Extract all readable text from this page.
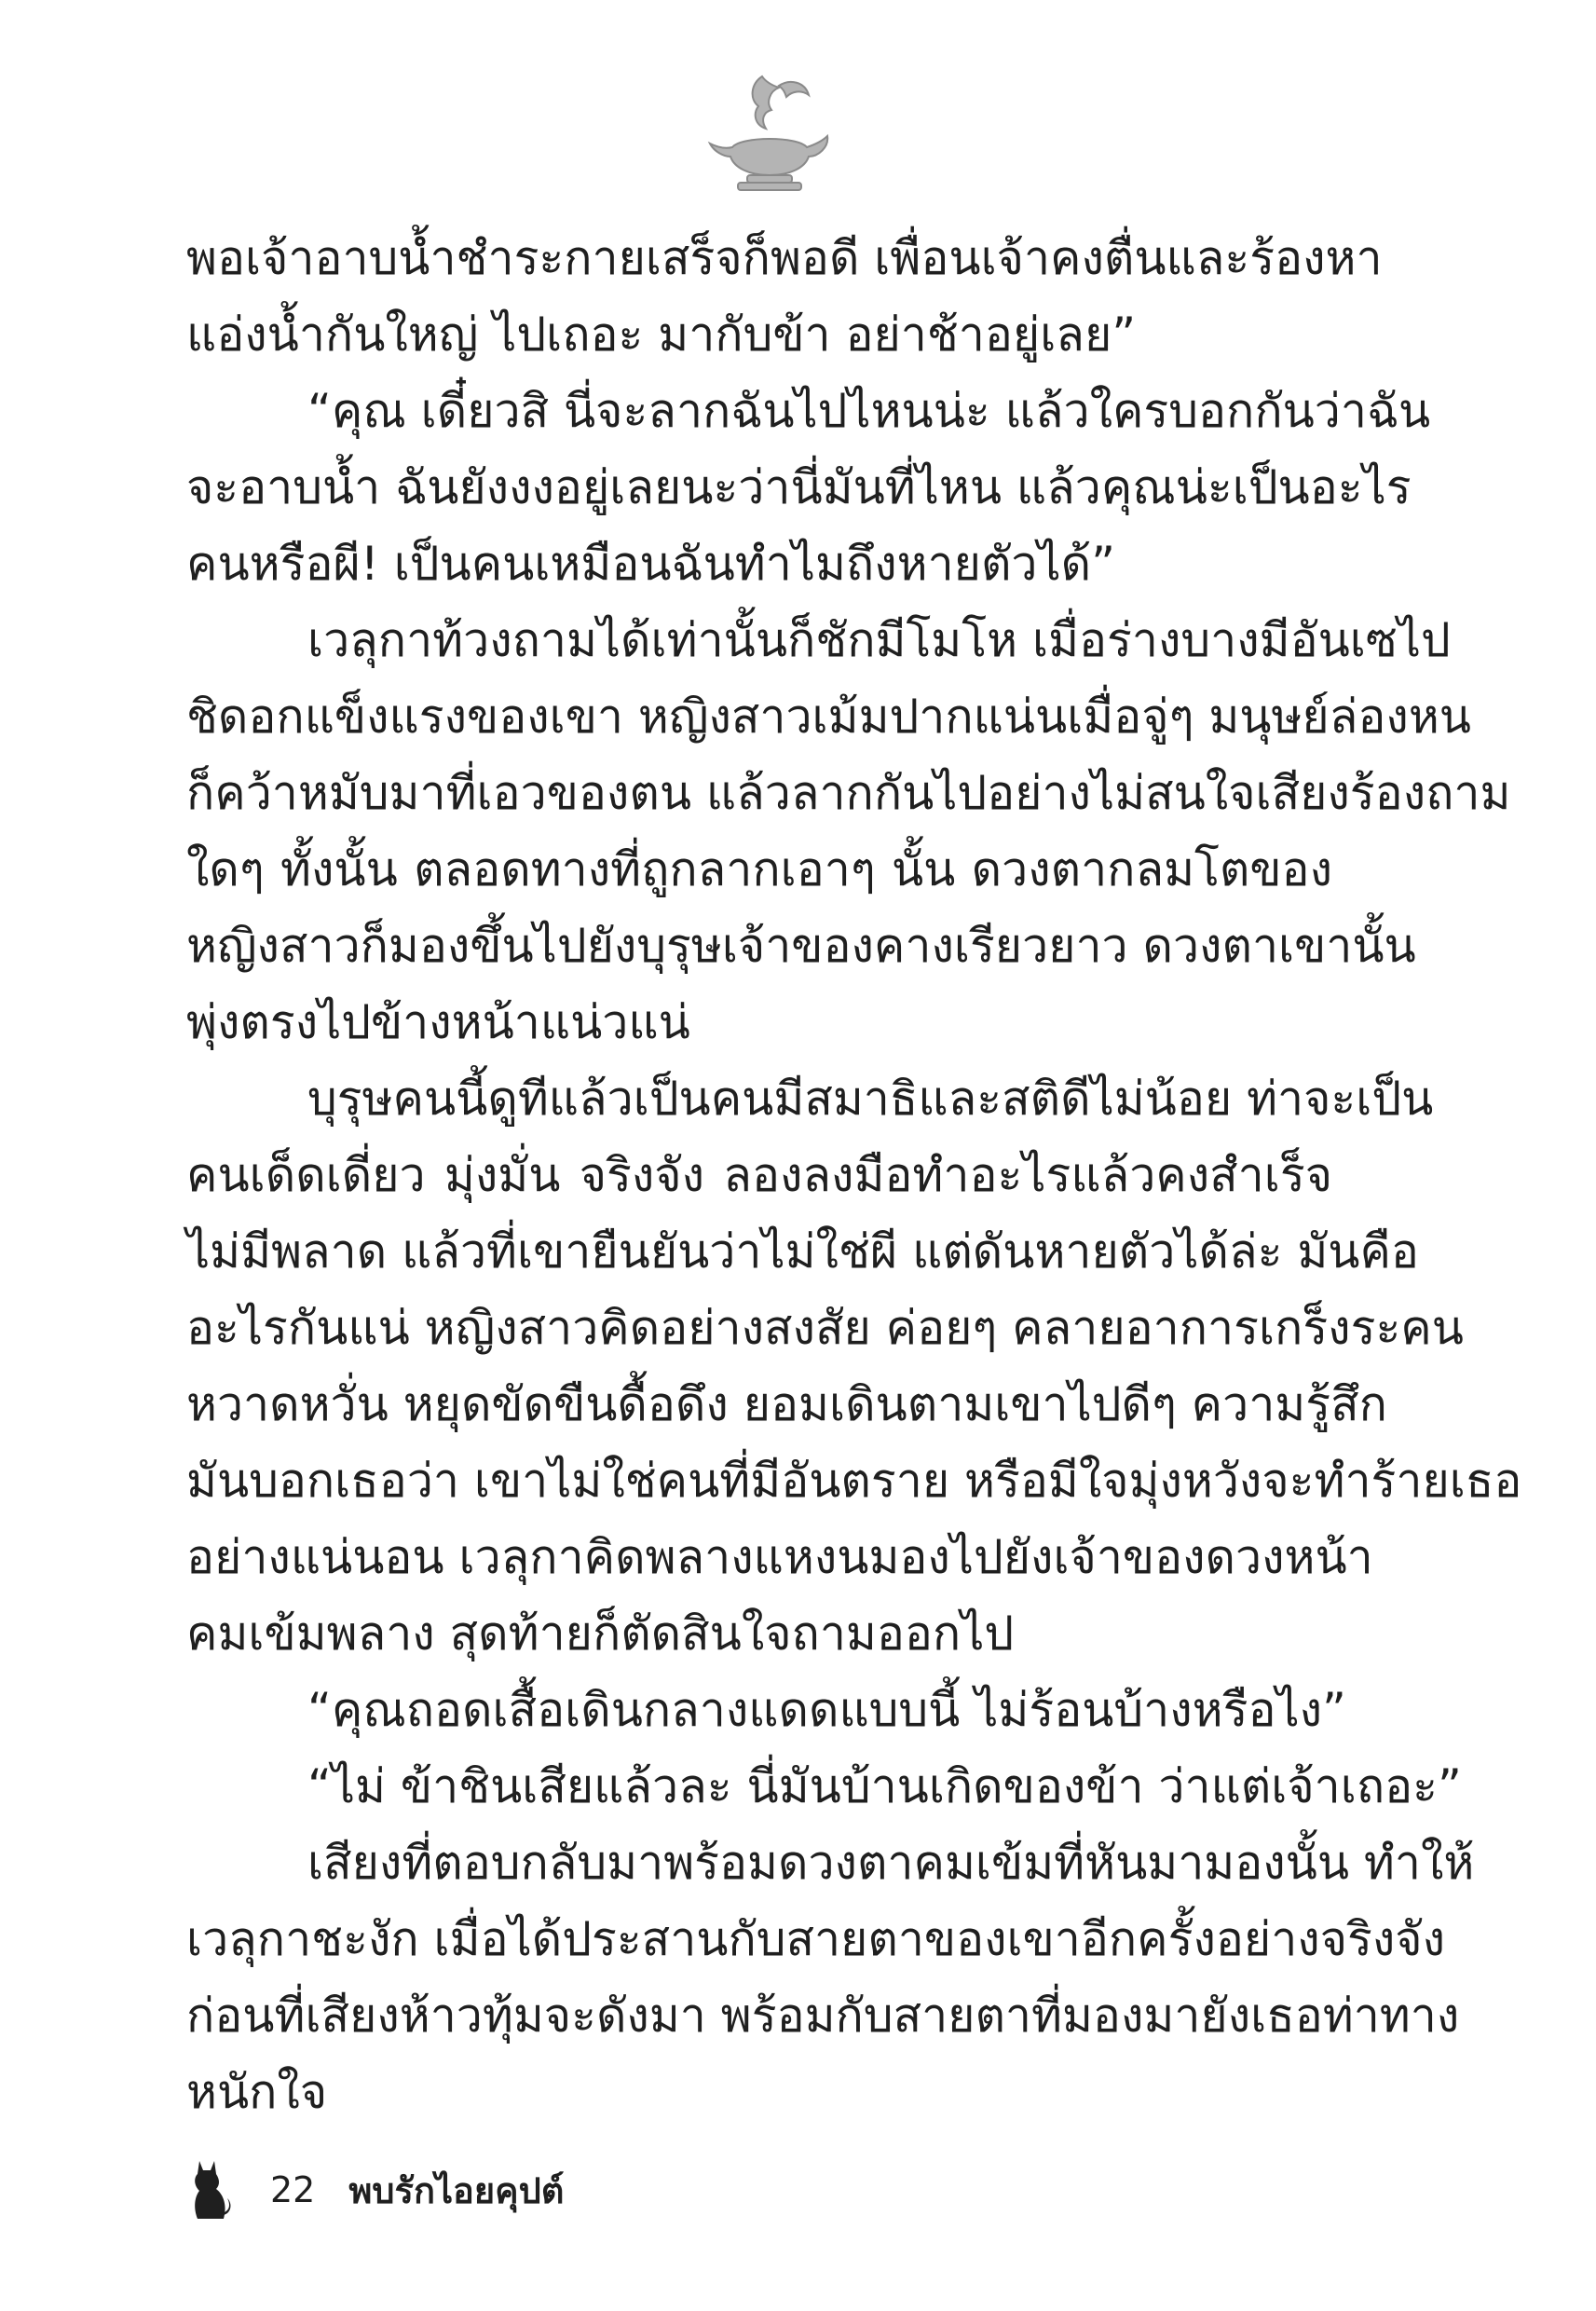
พอเจ้าอาบน้ำชำระกายเสร็จก็พอดี เพื่อนเจ้าคงตื่นและร้องหา
แอ่งน้ำกันใหญ่ ไปเถอะ มากับข้า อย่าช้าอยู่เลย”
“คุณ เดี๋ยวสิ นี่จะลากฉันไปไหนน่ะ แล้วใครบอกกันว่าฉัน
จะอาบน้ำ ฉันยังงงอยู่เลยนะว่านี่มันที่ไหน แล้วคุณน่ะเป็นอะไร
คนหรือผี! เป็นคนเหมือนฉันทำไมถึงหายตัวได้”
เวลุกาท้วงถามได้เท่านั้นก็ชักมีโมโห เมื่อร่างบางมีอันเซไป
ชิดอกแข็งแรงของเขา หญิงสาวเม้มปากแน่นเมื่อจู่ๆ มนุษย์ล่องหน
ก็คว้าหมับมาที่เอวของตน แล้วลากกันไปอย่างไม่สนใจเสียงร้องถาม
ใดๆ ทั้งนั้น ตลอดทางที่ถูกลากเอาๆ นั้น ดวงตากลมโตของ
หญิงสาวก็มองขึ้นไปยังบุรุษเจ้าของคางเรียวยาว ดวงตาเขานั้น
พุ่งตรงไปข้างหน้าแน่วแน่
บุรุษคนนี้ดูทีแล้วเป็นคนมีสมาธิและสติดีไม่น้อย ท่าจะเป็น
คนเด็ดเดี่ยว มุ่งมั่น จริงจัง ลองลงมือทำอะไรแล้วคงสำเร็จ
ไม่มีพลาด แล้วที่เขายืนยันว่าไม่ใช่ผี แต่ดันหายตัวได้ล่ะ มันคือ
อะไรกันแน่ หญิงสาวคิดอย่างสงสัย ค่อยๆ คลายอาการเกร็งระคน
หวาดหวั่น หยุดขัดขืนดื้อดึง ยอมเดินตามเขาไปดีๆ ความรู้สึก
มันบอกเธอว่า เขาไม่ใช่คนที่มีอันตราย หรือมีใจมุ่งหวังจะทำร้ายเธอ
อย่างแน่นอน เวลุกาคิดพลางแหงนมองไปยังเจ้าของดวงหน้า
คมเข้มพลาง สุดท้ายก็ตัดสินใจถามออกไป
“คุณถอดเสื้อเดินกลางแดดแบบนี้ ไม่ร้อนบ้างหรือไง”
“ไม่ ข้าชินเสียแล้วละ นี่มันบ้านเกิดของข้า ว่าแต่เจ้าเถอะ”
เสียงที่ตอบกลับมาพร้อมดวงตาคมเข้มที่หันมามองนั้น ทำให้
เวลุกาชะงัก เมื่อได้ประสานกับสายตาของเขาอีกครั้งอย่างจริงจัง
ก่อนที่เสียงห้าวทุ้มจะดังมา พร้อมกับสายตาที่มองมายังเธอท่าทาง
หนักใจ
22 พบรักไอยคุปต์
